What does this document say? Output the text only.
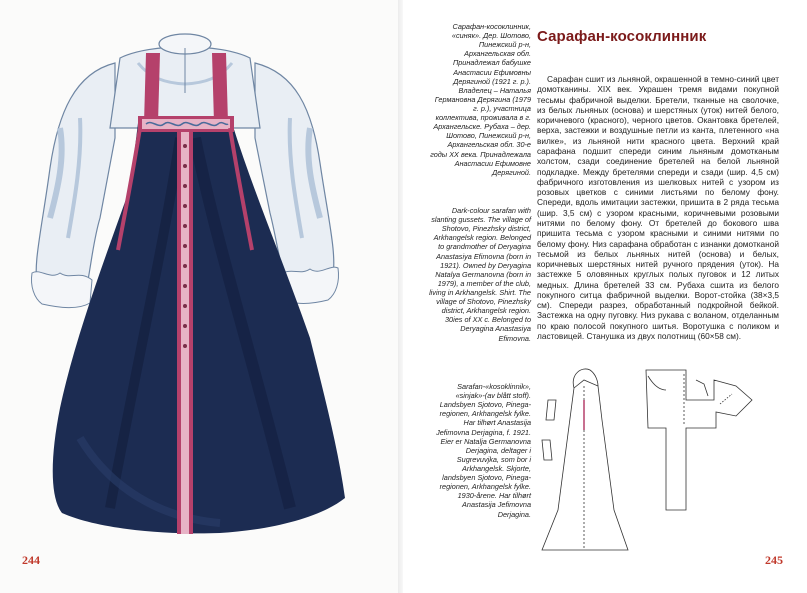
244

Сарафан-косоклинник, «синяк». Дер. Шотово, Пинежский р-н, Архангельская обл. Принадлежал бабушке Анастасии Ефимовны Дерягиной (1921 г. р.). Владелец – Наталья Германовна Дерягина (1979 г. р.), участница коллектива, проживала в г. Архангельске. Рубаха – дер. Шотово, Пинежский р-н, Архангельская обл. 30-е годы XX века. Принадлежала Анастасии Ефимовне Дерягиной.

Dark-colour sarafan with slanting gussets. The village of Shotovo, Pinezhsky district, Arkhangelsk region. Belonged to grandmother of Deryagina Anastasiya Efimovna (born in 1921). Owned by Deryagina Natalya Germanovna (born in 1979), a member of the club, living in Arkhangelsk. Shirt. The village of Shotovo, Pinezhsky district, Arkhangelsk region. 30ies of XX c. Belonged to Deryagina Anastasiya Efimovna.

Sarafan-«kosoklinnik», «sinjak»-(av blått stoff). Landsbyen Sjotovo, Pinega-regionen, Arkhangelsk fylke. Har tilhørt Anastasija Jefimovna Derjagina, f. 1921. Eier er Natalja Germanovna Derjagina, deltager i Sugrevuvjka, som bor i Arkhangelsk. Skjorte, landsbyen Sjotovo, Pinega-regionen, Arkhangelsk fylke. 1930-årene. Har tilhørt Anastasija Jefimovna Derjagina.

Сарафан-косоклинник

Сарафан сшит из льняной, окрашенной в темно-синий цвет домотканины. XIX век. Украшен тремя видами покупной тесьмы фабричной выделки. Бретели, тканные на сволочке, из белых льняных (основа) и шерстяных (уток) нитей белого, коричневого (красного), черного цветов. Окантовка бретелей, верха, застежки и воздушные петли из канта, плетенного «на вилке», из льняной нити красного цвета. Верхний край сарафана подшит спереди синим льняным домотканым холстом, сзади соединение бретелей на белой льняной подкладке. Между бретелями спереди и сзади (шир. 4,5 см) фабричного изготовления из шелковых нитей с узором из розовых цветков с синими листьями по белому фону. Спереди, вдоль имитации застежки, пришита в 2 ряда тесьма (шир. 3,5 см) с узором красными, коричневыми розовыми нитями по белому фону. От бретелей до бокового шва пришита тесьма с узором красными и синими нитями по белому фону. Низ сарафана обработан с изнанки домотканой тесьмой из белых льняных нитей (основа) и белых, коричневых шерстяных нитей ручного прядения (уток). На застежке 5 оловянных круглых полых пуговок и 12 литых медных. Длина бретелей 33 см. Рубаха сшита из белого покупного ситца фабричной выделки. Ворот-стойка (38×3,5 см). Спереди разрез, обработанный подкройной бейкой. Застежка на одну пуговку. Низ рукава с воланом, отделанным по краю полосой покупного шитья. Воротушка с поликом и ластовицей. Станушка из двух полотнищ (60×58 см).

245
